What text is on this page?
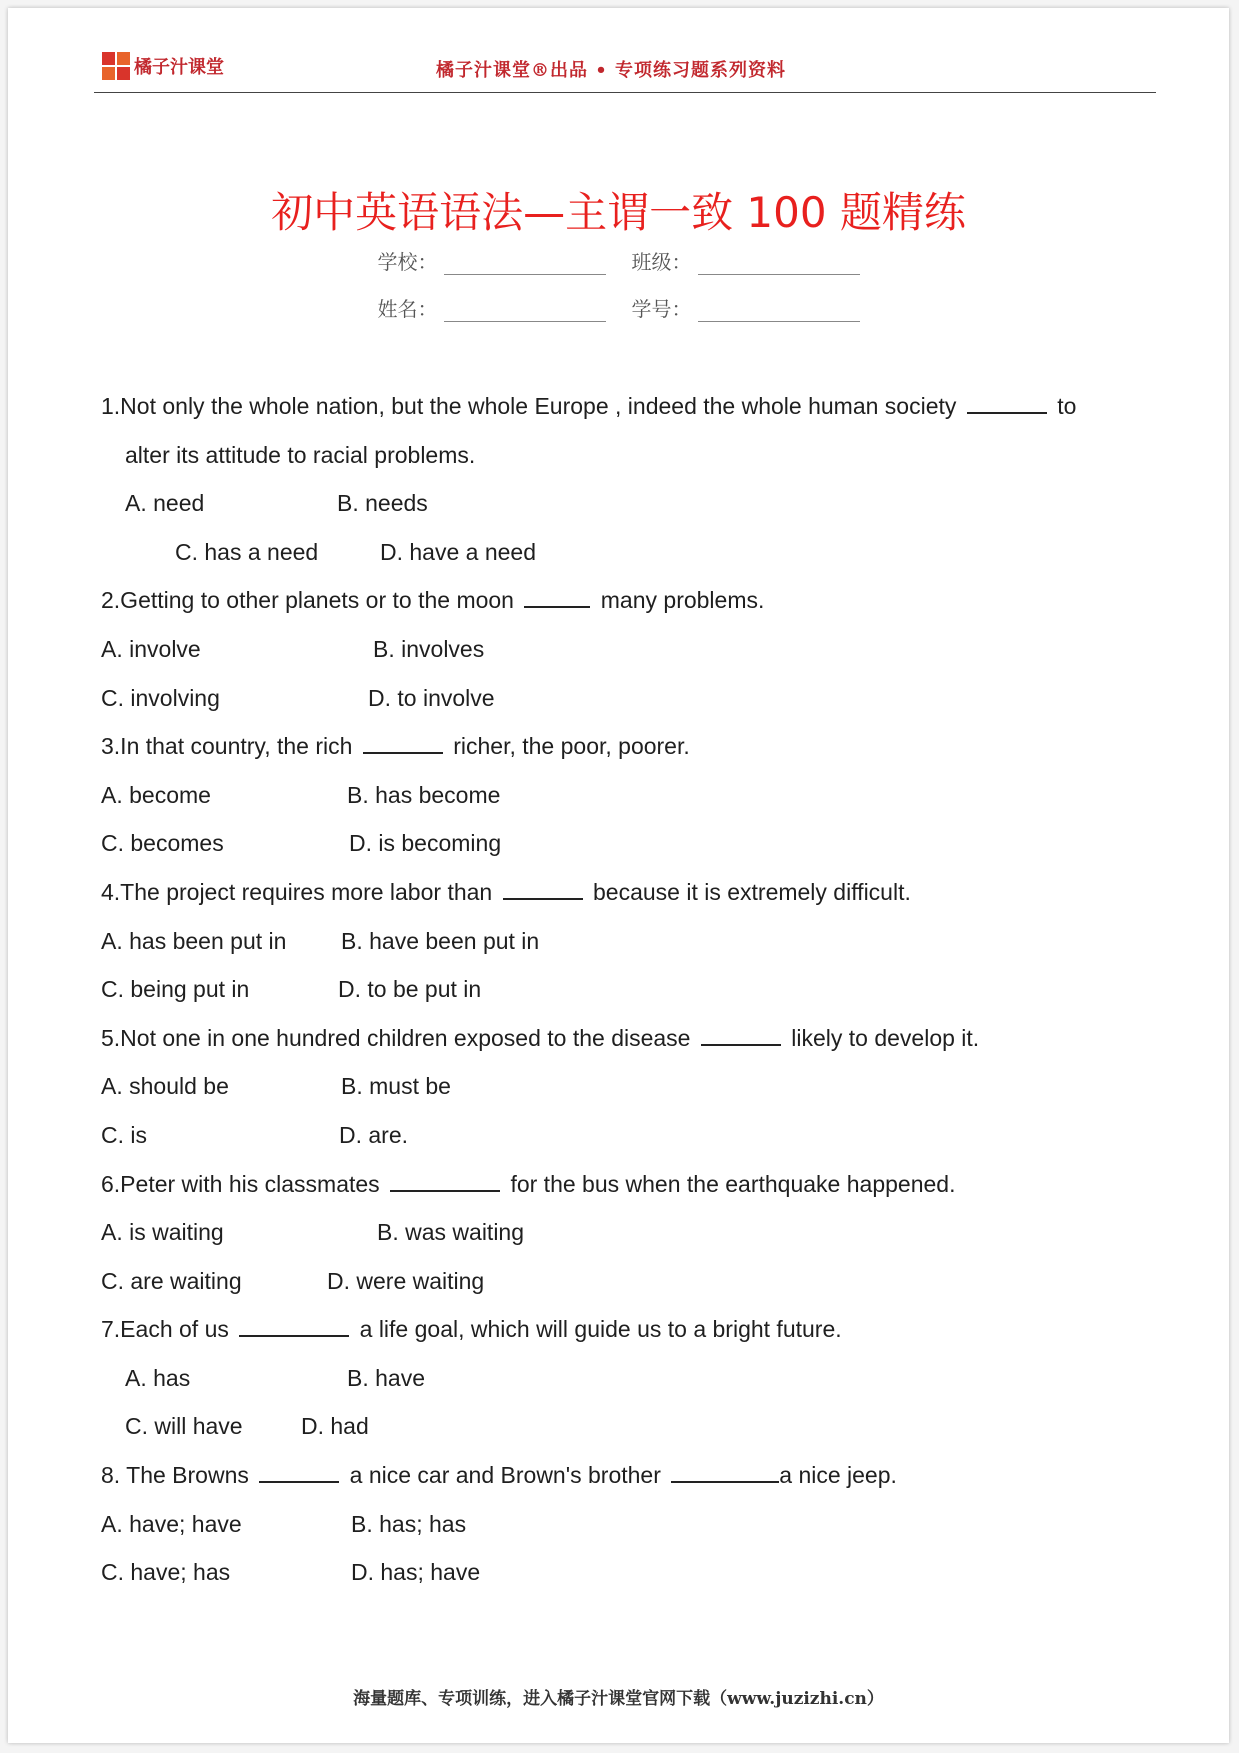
橘子汁课堂	橘子汁课堂®出品 • 专项练习题系列资料
初中英语语法—主谓一致 100 题精练
学校：	班级：
姓名：	学号：
1.Not only the whole nation, but the whole Europe , indeed the whole human society	to
alter its attitude to racial problems.
A. need	B. needs
C. has a need	D. have a need
2.Getting to other planets or to the moon	many problems.
A. involve	B. involves
C. involving	D. to involve
3.In that country, the rich	richer, the poor, poorer.
A. become	B. has become
C. becomes	D. is becoming
4.The project requires more labor than	because it is extremely difficult.
A. has been put in	B. have been put in
C. being put in	D. to be put in
5.Not one in one hundred children exposed to the disease	likely to develop it.
A. should be	B. must be
C. is	D. are.
6.Peter with his classmates	for the bus when the earthquake happened.
A. is waiting	B. was waiting
C. are waiting	D. were waiting
7.Each of us	a life goal, which will guide us to a bright future.
A. has	B. have
C. will have	D. had
8. The Browns	a nice car and Brown's brother	a nice jeep.
A. have; have	B. has; has
C. have; has	D. has; have
海量题库、专项训练，进入橘子汁课堂官网下载（www.juzizhi.cn）
